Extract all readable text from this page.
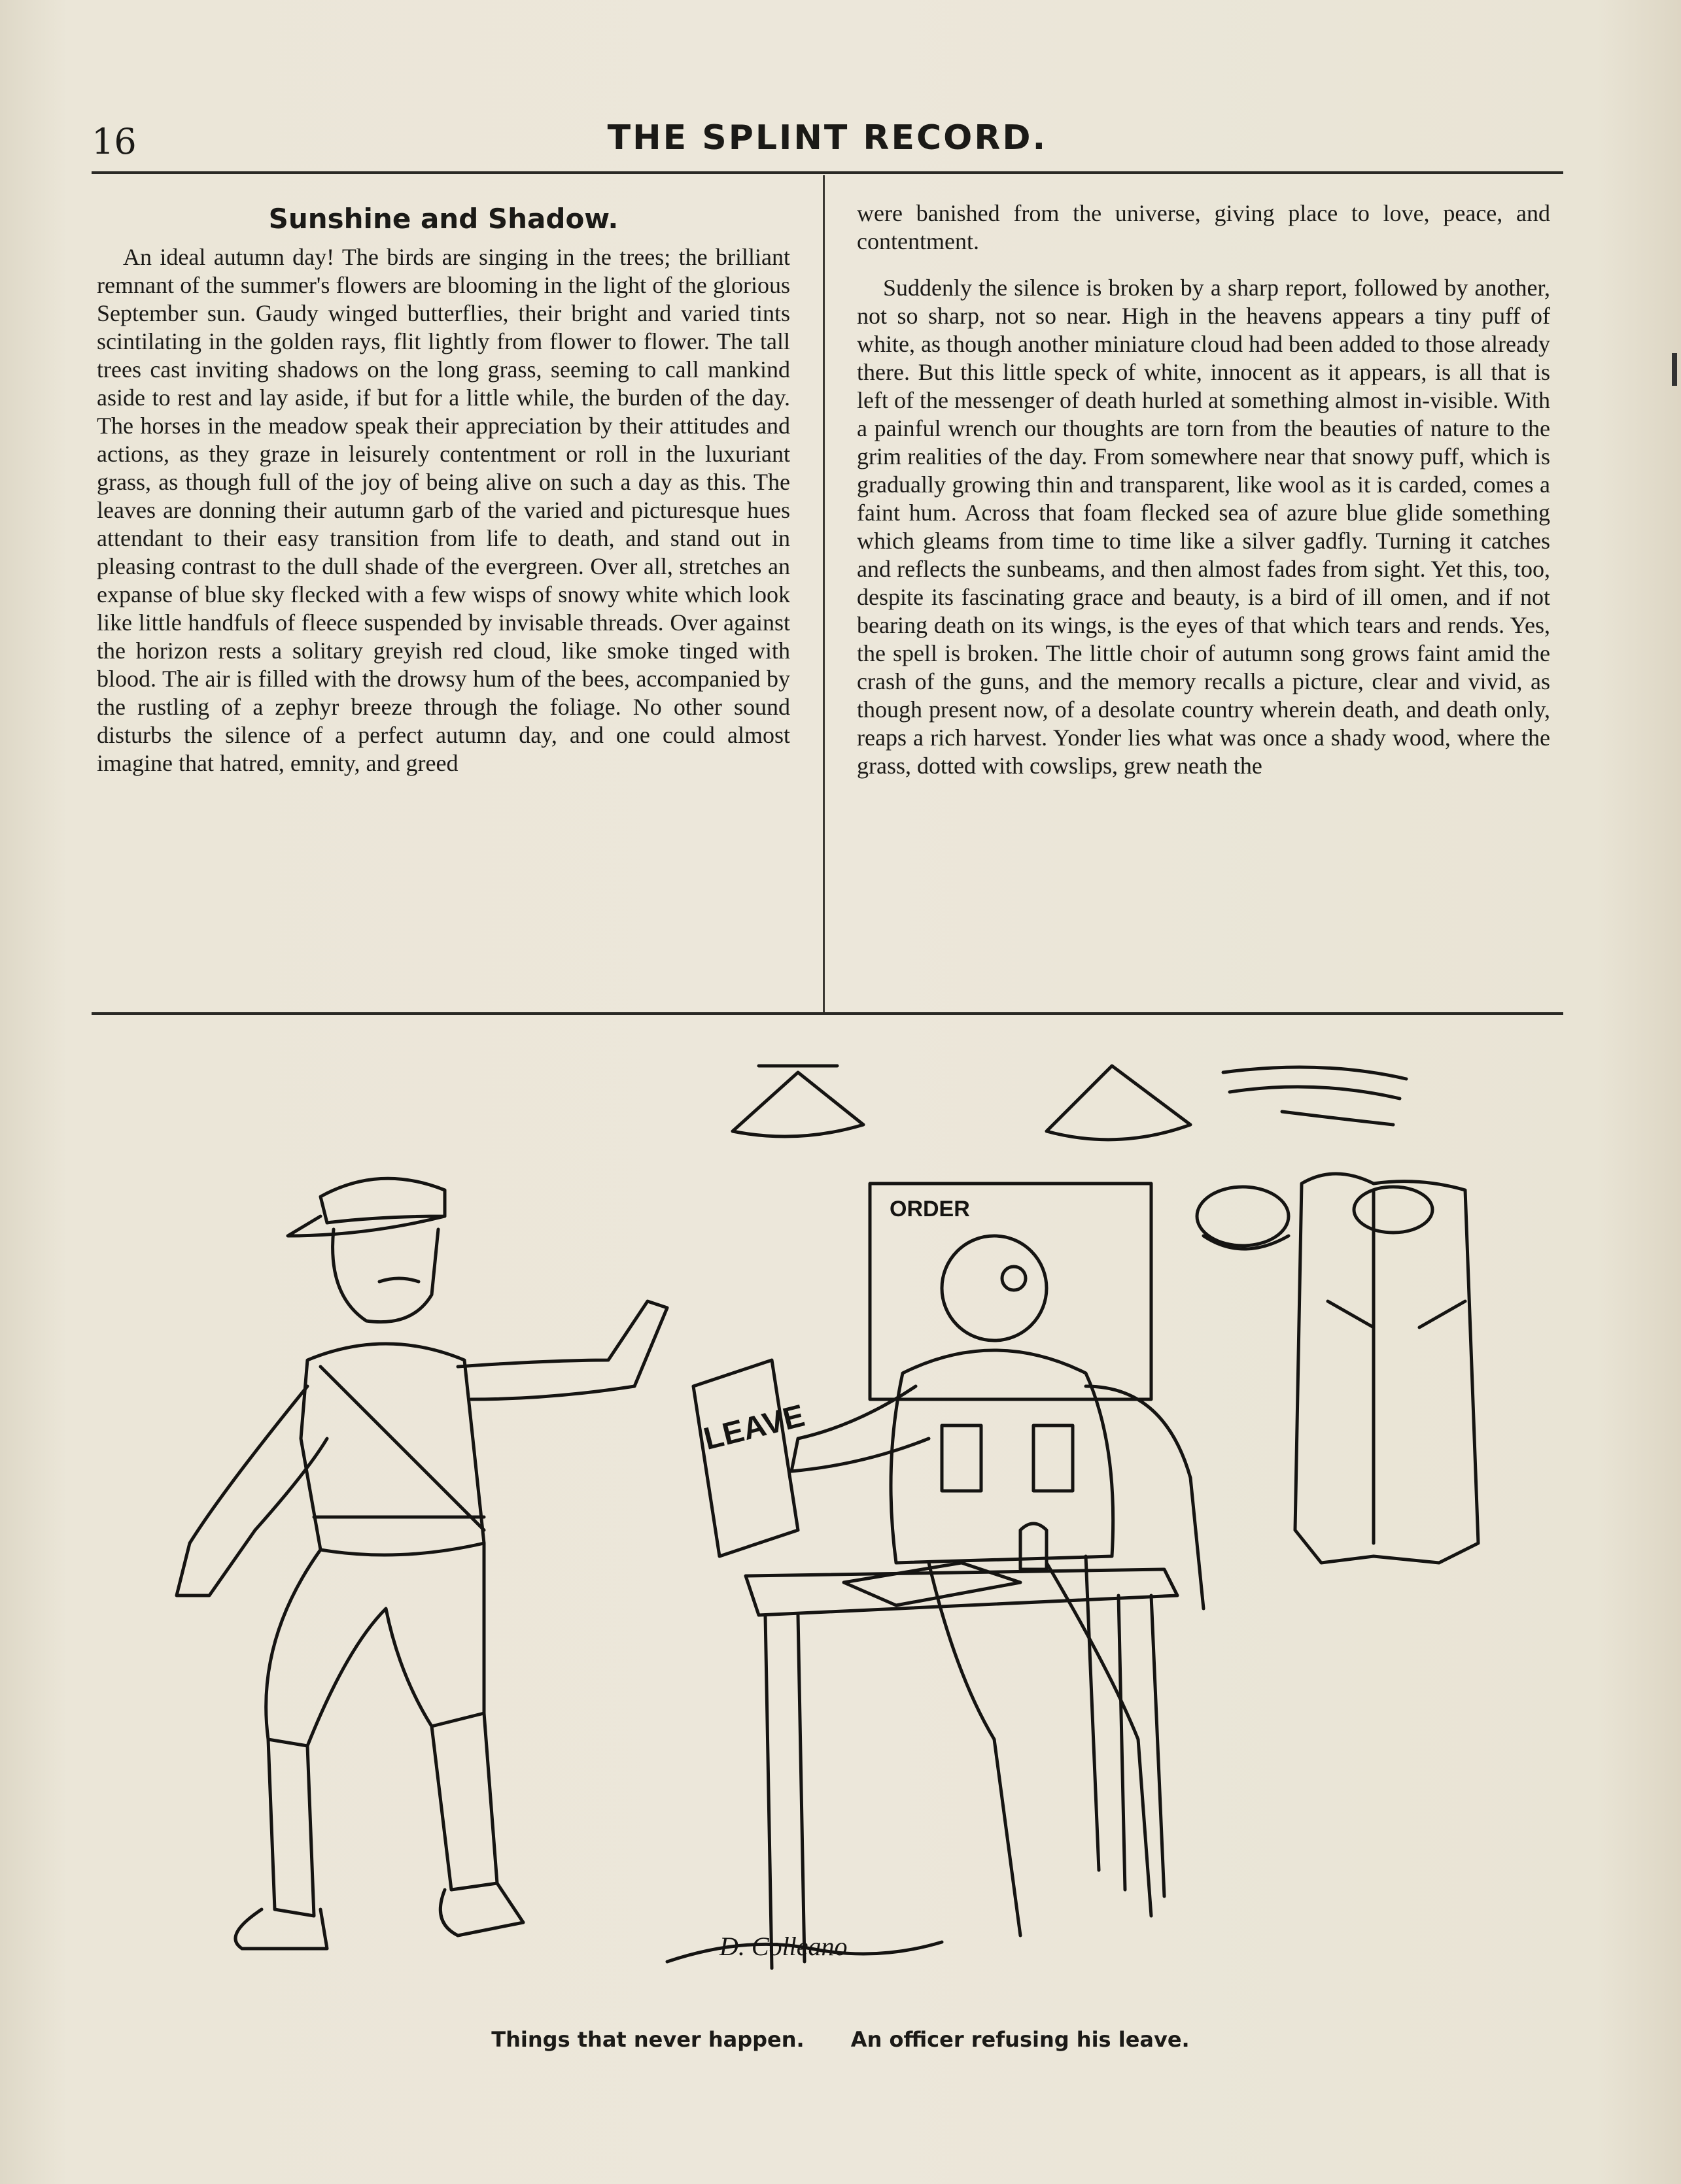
16	THE SPLINT RECORD.
Sunshine and Shadow.

An ideal autumn day! The birds are singing in the trees; the brilliant remnant of the summer's flowers are blooming in the light of the glorious September sun. Gaudy winged butterflies, their bright and varied tints scintilating in the golden rays, flit lightly from flower to flower. The tall trees cast inviting shadows on the long grass, seeming to call mankind aside to rest and lay aside, if but for a little while, the burden of the day. The horses in the meadow speak their appreciation by their attitudes and actions, as they graze in leisurely contentment or roll in the luxuriant grass, as though full of the joy of being alive on such a day as this. The leaves are donning their autumn garb of the varied and picturesque hues attendant to their easy transition from life to death, and stand out in pleasing contrast to the dull shade of the evergreen. Over all, stretches an expanse of blue sky flecked with a few wisps of snowy white which look like little handfuls of fleece suspended by invisable threads. Over against the horizon rests a solitary greyish red cloud, like smoke tinged with blood. The air is filled with the drowsy hum of the bees, accompanied by the rustling of a zephyr breeze through the foliage. No other sound disturbs the silence of a perfect autumn day, and one could almost imagine that hatred, emnity, and greed

were banished from the universe, giving place to love, peace, and contentment.

Suddenly the silence is broken by a sharp report, followed by another, not so sharp, not so near. High in the heavens appears a tiny puff of white, as though another miniature cloud had been added to those already there. But this little speck of white, innocent as it appears, is all that is left of the messenger of death hurled at something almost in-visible. With a painful wrench our thoughts are torn from the beauties of nature to the grim realities of the day. From somewhere near that snowy puff, which is gradually growing thin and transparent, like wool as it is carded, comes a faint hum. Across that foam flecked sea of azure blue glide something which gleams from time to time like a silver gadfly. Turning it catches and reflects the sunbeams, and then almost fades from sight. Yet this, too, despite its fascinating grace and beauty, is a bird of ill omen, and if not bearing death on its wings, is the eyes of that which tears and rends. Yes, the spell is broken. The little choir of autumn song grows faint amid the crash of the guns, and the memory recalls a picture, clear and vivid, as though present now, of a desolate country wherein death, and death only, reaps a rich harvest. Yonder lies what was once a shady wood, where the grass, dotted with cowslips, grew neath the

LEAVE
ORDER
D. Colleano
Things that never happen. An officer refusing his leave.
